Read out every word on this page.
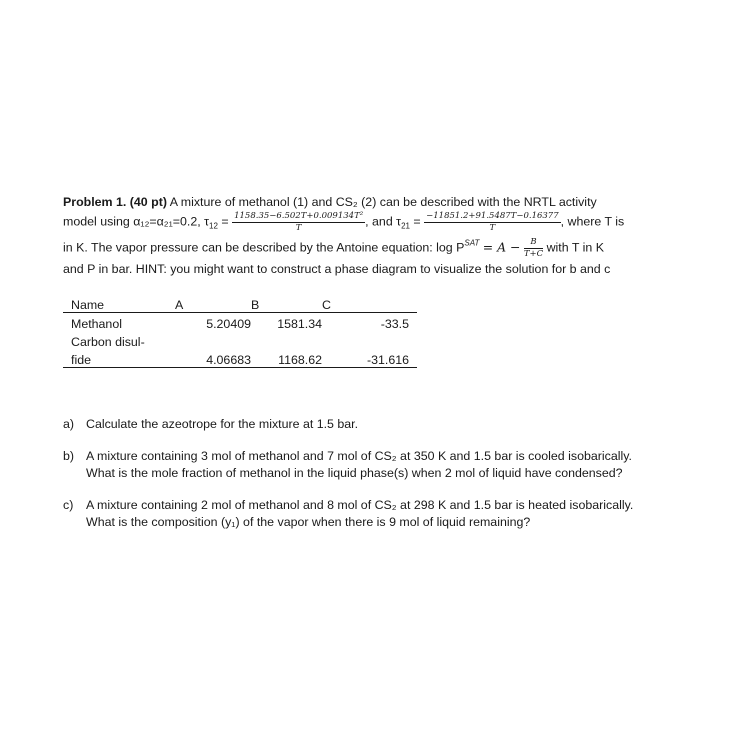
Problem 1. (40 pt) A mixture of methanol (1) and CS₂ (2) can be described with the NRTL activity
model using α₁₂=α₂₁=0.2, $\tau_{12} = \frac{\text{1158.35−6.502T+0.009134T²}}{T}$ , and $\tau_{21} = \frac{-11851.2+91.5487T-0.16377}{T}$ , where T is
in K. The vapor pressure can be described by the Antoine equation: $\log P^{SAT} = A - \frac{B}{T+C}$ with T in K
and P in bar. HINT: you might want to construct a phase diagram to visualize the solution for b and c
Name	A	B	C
Methanol	5.20409	1581.34	-33.5
Carbon disul-			
fide	4.06683	1168.62	-31.616
a) Calculate the azeotrope for the mixture at 1.5 bar.
b) A mixture containing 3 mol of methanol and 7 mol of CS₂ at 350 K and 1.5 bar is cooled isobarically. What is the mole fraction of methanol in the liquid phase(s) when 2 mol of liquid have condensed?
c) A mixture containing 2 mol of methanol and 8 mol of CS₂ at 298 K and 1.5 bar is heated isobarically. What is the composition (y₁) of the vapor when there is 9 mol of liquid remaining?
